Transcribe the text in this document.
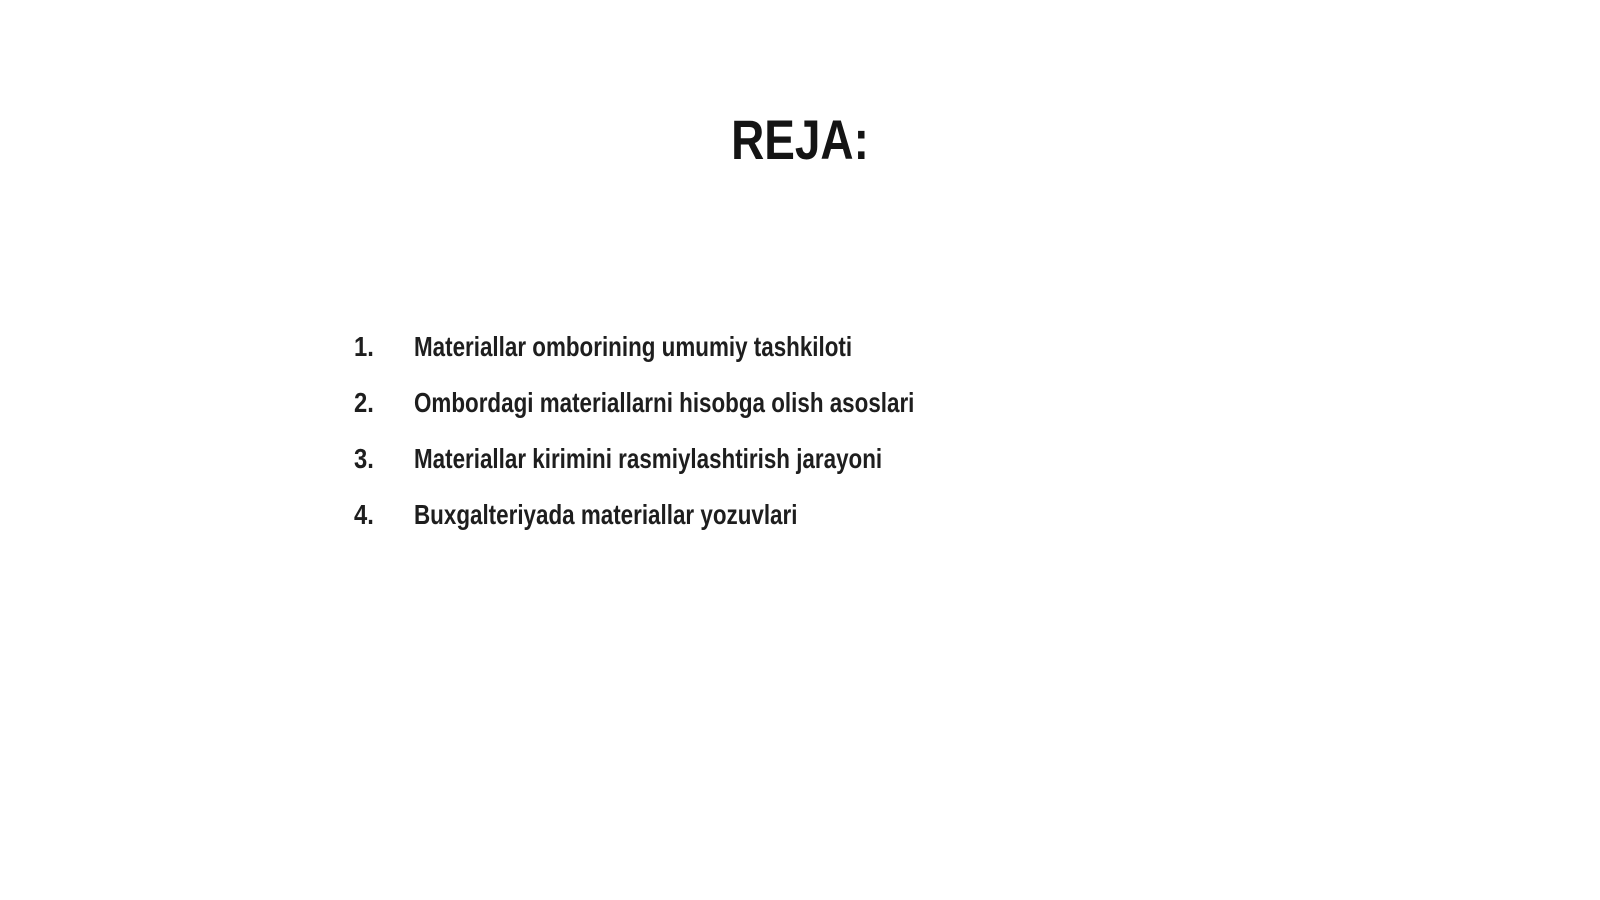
REJA:
1.	Materiallar omborining umumiy tashkiloti
2.	Ombordagi materiallarni hisobga olish asoslari
3.	Materiallar kirimini rasmiylashtirish jarayoni
4.	Buxgalteriyada materiallar yozuvlari
